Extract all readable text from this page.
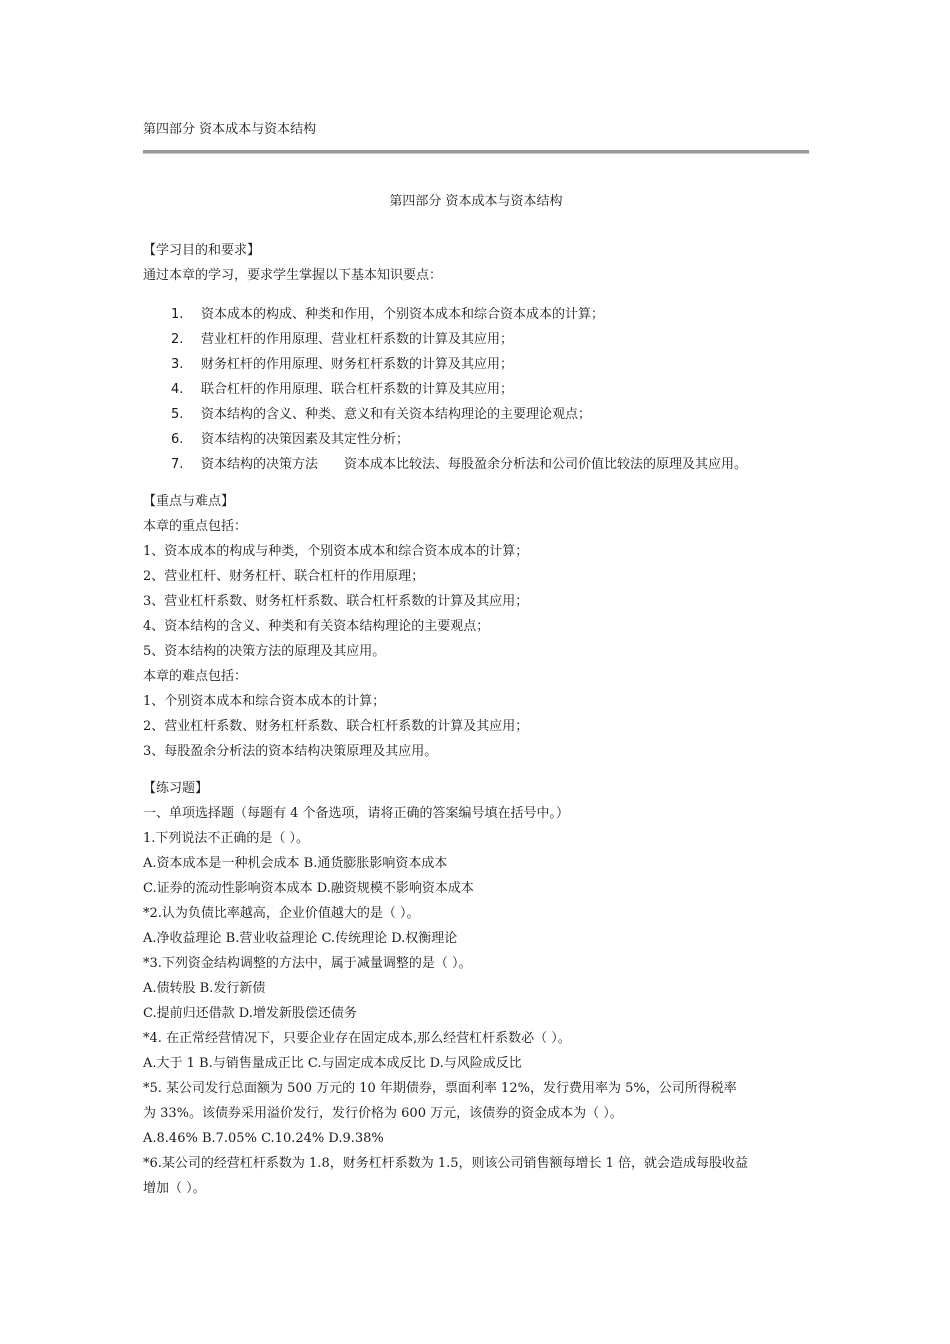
第四部分 资本成本与资本结构
第四部分 资本成本与资本结构
【学习目的和要求】
通过本章的学习，要求学生掌握以下基本知识要点：
1. 资本成本的构成、种类和作用，个别资本成本和综合资本成本的计算；
2. 营业杠杆的作用原理、营业杠杆系数的计算及其应用；
3. 财务杠杆的作用原理、财务杠杆系数的计算及其应用；
4. 联合杠杆的作用原理、联合杠杆系数的计算及其应用；
5. 资本结构的含义、种类、意义和有关资本结构理论的主要理论观点；
6. 资本结构的决策因素及其定性分析；
7. 资本结构的决策方法　　资本成本比较法、每股盈余分析法和公司价值比较法的原理及其应用。
【重点与难点】
本章的重点包括：
1、资本成本的构成与种类，个别资本成本和综合资本成本的计算；
2、营业杠杆、财务杠杆、联合杠杆的作用原理；
3、营业杠杆系数、财务杠杆系数、联合杠杆系数的计算及其应用；
4、资本结构的含义、种类和有关资本结构理论的主要观点；
5、资本结构的决策方法的原理及其应用。
本章的难点包括：
1、个别资本成本和综合资本成本的计算；
2、营业杠杆系数、财务杠杆系数、联合杠杆系数的计算及其应用；
3、每股盈余分析法的资本结构决策原理及其应用。
【练习题】
一、单项选择题（每题有 4 个备选项，请将正确的答案编号填在括号中。）
1.下列说法不正确的是（ ）。
A.资本成本是一种机会成本 B.通货膨胀影响资本成本
C.证券的流动性影响资本成本 D.融资规模不影响资本成本
*2.认为负债比率越高，企业价值越大的是（ ）。
A.净收益理论 B.营业收益理论 C.传统理论 D.权衡理论
*3.下列资金结构调整的方法中，属于减量调整的是（ ）。
A.债转股 B.发行新债
C.提前归还借款 D.增发新股偿还债务
*4. 在正常经营情况下，只要企业存在固定成本,那么经营杠杆系数必（ ）。
A.大于 1 B.与销售量成正比 C.与固定成本成反比 D.与风险成反比
*5. 某公司发行总面额为 500 万元的 10 年期债券，票面利率 12%，发行费用率为 5%，公司所得税率
为 33%。该债券采用溢价发行，发行价格为 600 万元，该债券的资金成本为（ ）。
A.8.46% B.7.05% C.10.24% D.9.38%
*6.某公司的经营杠杆系数为 1.8，财务杠杆系数为 1.5，则该公司销售额每增长 1 倍，就会造成每股收益
增加（ ）。
